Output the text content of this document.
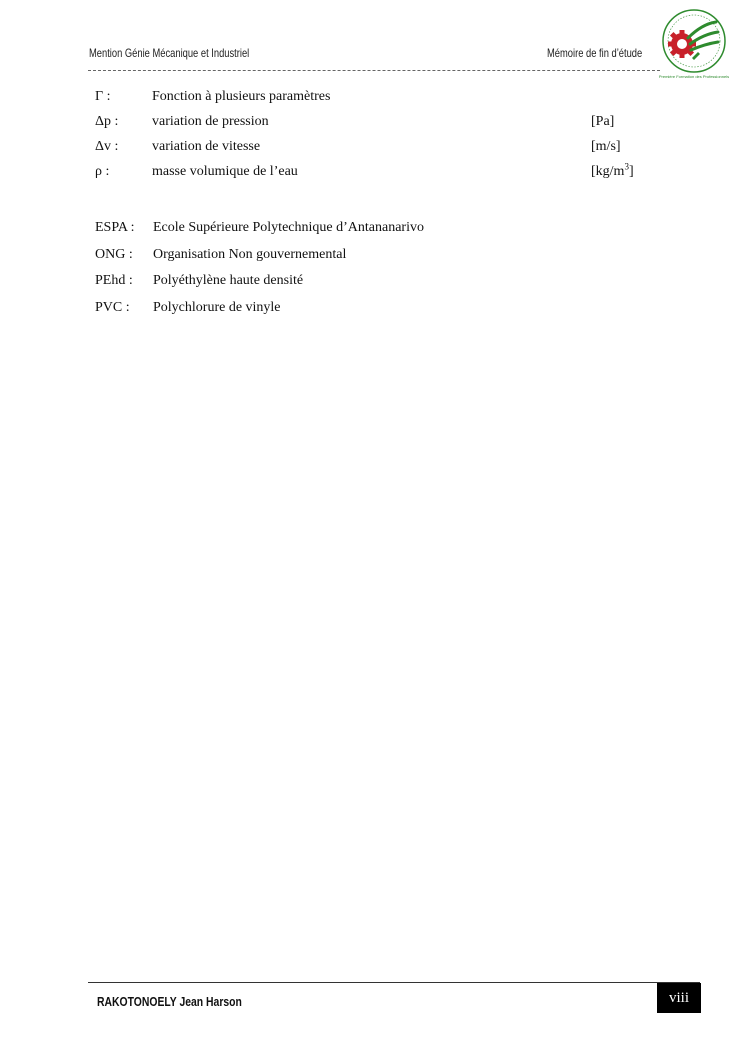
Mention Génie Mécanique et Industriel	Mémoire de fin d’étude
Première Formation des Professionnels
Γ :	Fonction à plusieurs paramètres
Δp :	variation de pression	[Pa]
Δv :	variation de vitesse	[m/s]
ρ :	masse volumique de l’eau	$[kg/m^3]$
ESPA :	Ecole Supérieure Polytechnique d’Antananarivo
ONG :	Organisation Non gouvernemental
PEhd :	Polyéthylène haute densité
PVC :	Polychlorure de vinyle
RAKOTONOELY Jean Harson	viii
